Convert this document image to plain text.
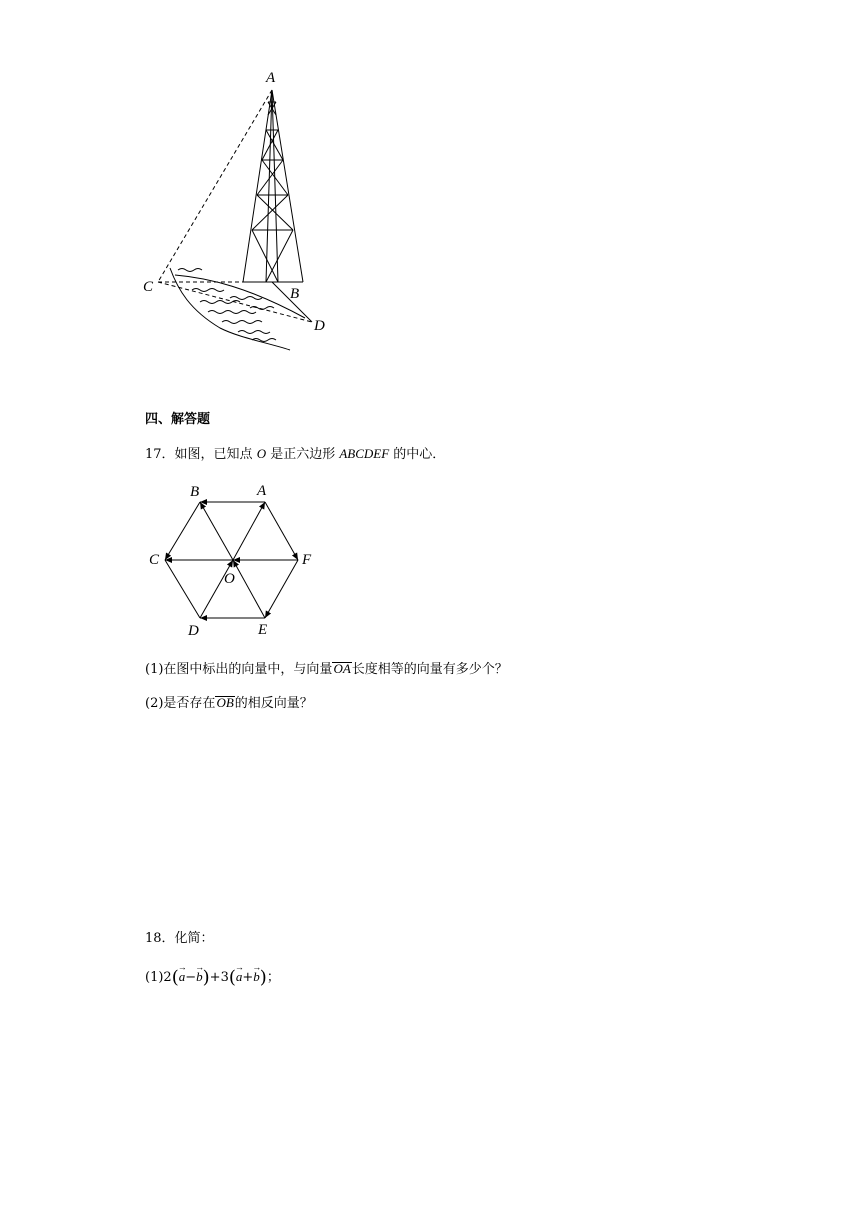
A
B
C
D
四、解答题
17．如图，已知点 O 是正六边形 ABCDEF 的中心．
A
B
C
D	E
F
O
(1)在图中标出的向量中，与向量OA长度相等的向量有多少个？
(2)是否存在OB的相反向量？
18．化简：
(1)2(→ a−→ b)+3(→ a+→ b)；
